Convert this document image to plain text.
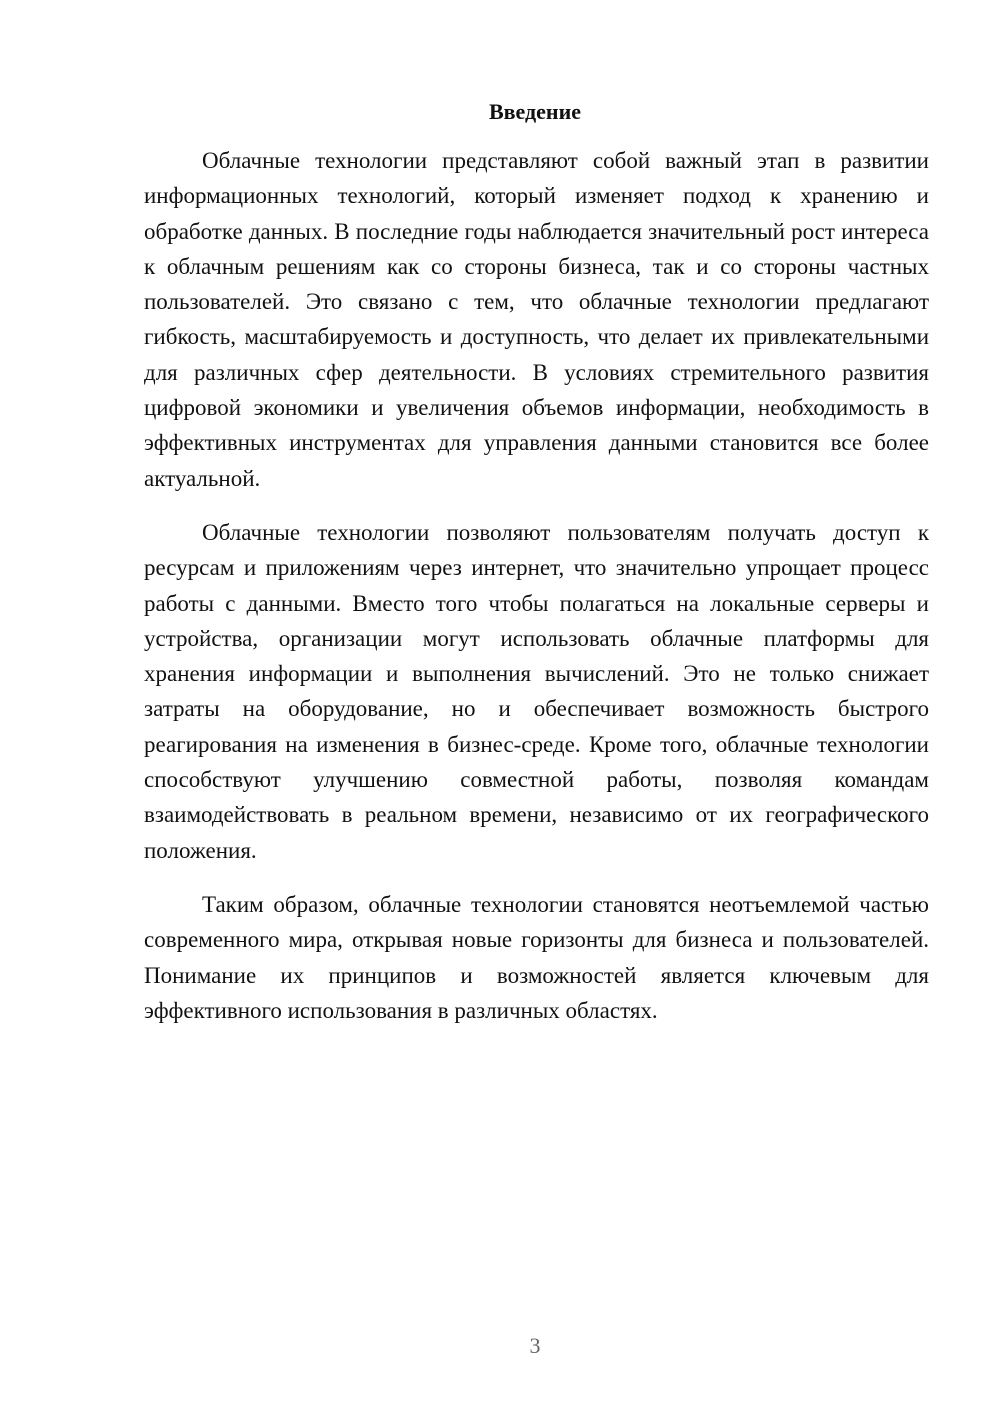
Введение

Облачные технологии представляют собой важный этап в развитии информационных технологий, который изменяет подход к хранению и обработке данных. В последние годы наблюдается значительный рост интереса к облачным решениям как со стороны бизнеса, так и со стороны частных пользователей. Это связано с тем, что облачные технологии предлагают гибкость, масштабируемость и доступность, что делает их привлекательными для различных сфер деятельности. В условиях стремительного развития цифровой экономики и увеличения объемов информации, необходимость в эффективных инструментах для управления данными становится все более актуальной.

Облачные технологии позволяют пользователям получать доступ к ресурсам и приложениям через интернет, что значительно упрощает процесс работы с данными. Вместо того чтобы полагаться на локальные серверы и устройства, организации могут использовать облачные платформы для хранения информации и выполнения вычислений. Это не только снижает затраты на оборудование, но и обеспечивает возможность быстрого реагирования на изменения в бизнес-среде. Кроме того, облачные технологии способствуют улучшению совместной работы, позволяя командам взаимодействовать в реальном времени, независимо от их географического положения.

Таким образом, облачные технологии становятся неотъемлемой частью современного мира, открывая новые горизонты для бизнеса и пользователей. Понимание их принципов и возможностей является ключевым для эффективного использования в различных областях.

3
